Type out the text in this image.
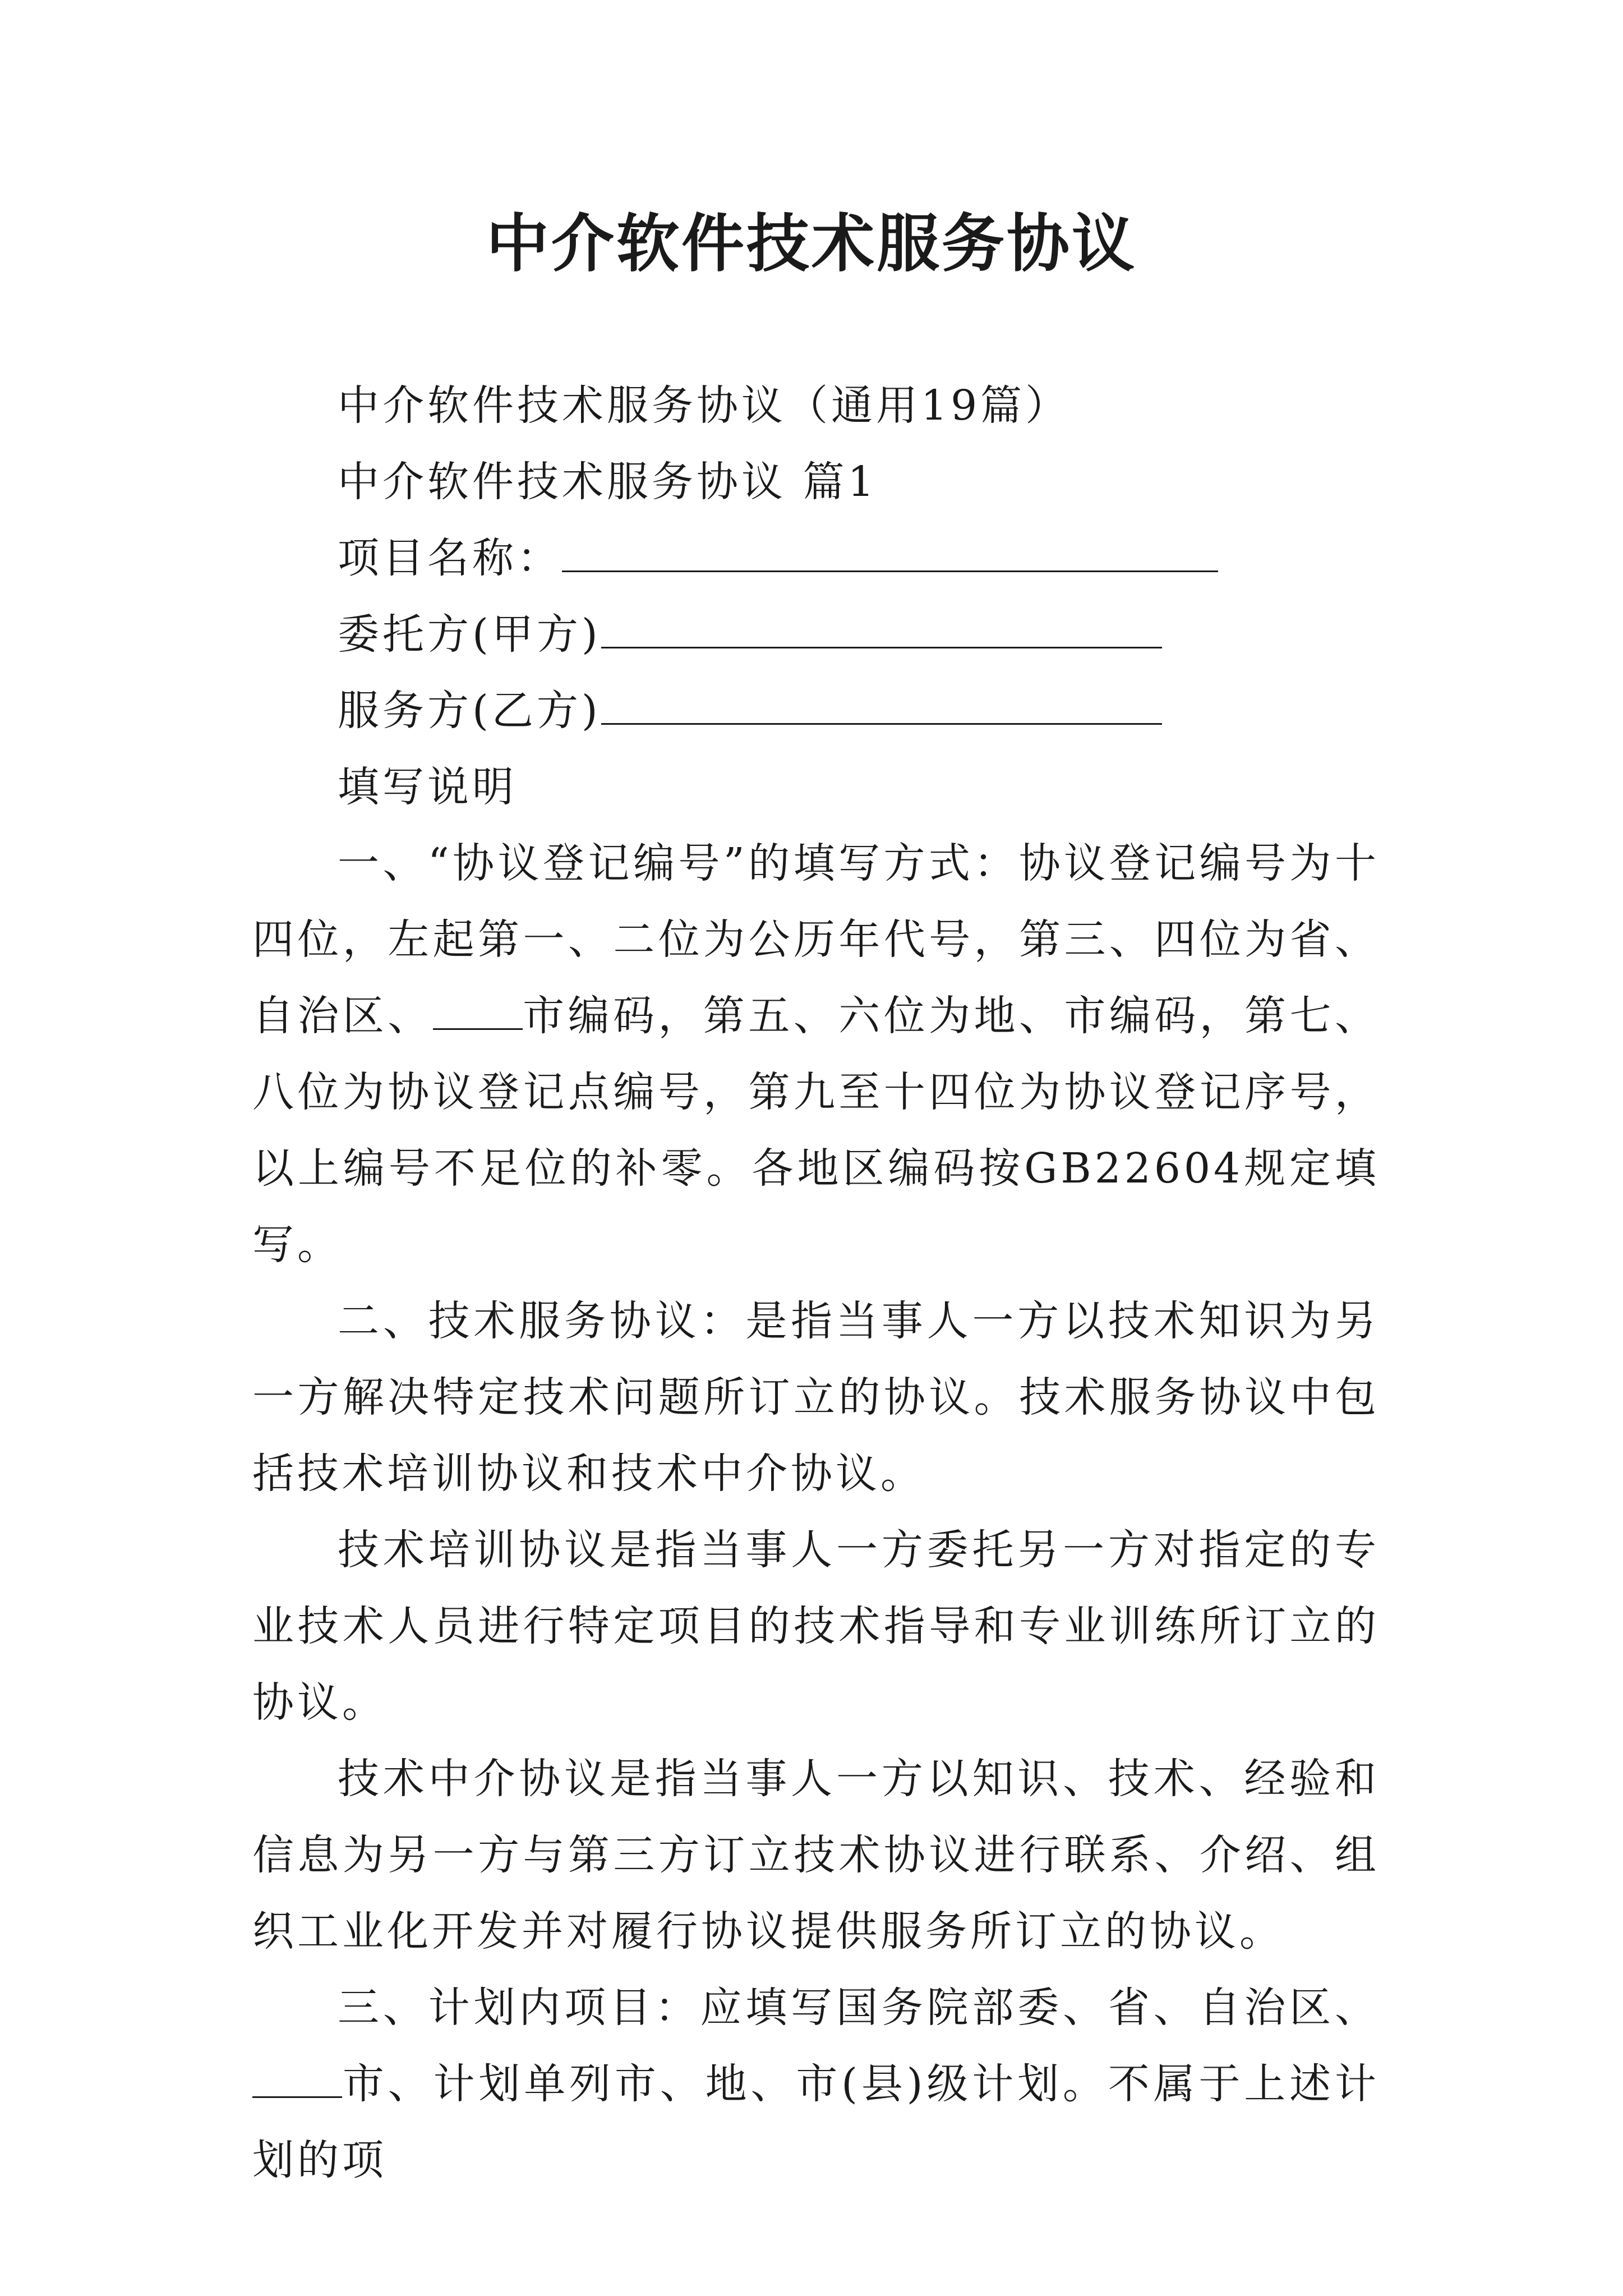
中介软件技术服务协议

中介软件技术服务协议（通用19篇）

中介软件技术服务协议 篇1

项目名称：

委托方(甲方)

服务方(乙方)

填写说明

一、“协议登记编号”的填写方式：协议登记编号为十四位，左起第一、二位为公历年代号，第三、四位为省、自治区、 市编码，第五、六位为地、市编码，第七、八位为协议登记点编号，第九至十四位为协议登记序号，以上编号不足位的补零。各地区编码按GB22604规定填写。

二、技术服务协议：是指当事人一方以技术知识为另一方解决特定技术问题所订立的协议。技术服务协议中包括技术培训协议和技术中介协议。

技术培训协议是指当事人一方委托另一方对指定的专业技术人员进行特定项目的技术指导和专业训练所订立的协议。

技术中介协议是指当事人一方以知识、技术、经验和信息为另一方与第三方订立技术协议进行联系、介绍、组织工业化开发并对履行协议提供服务所订立的协议。

三、计划内项目：应填写国务院部委、省、自治区、市、计划单列市、地、市(县)级计划。不属于上述计划的项
